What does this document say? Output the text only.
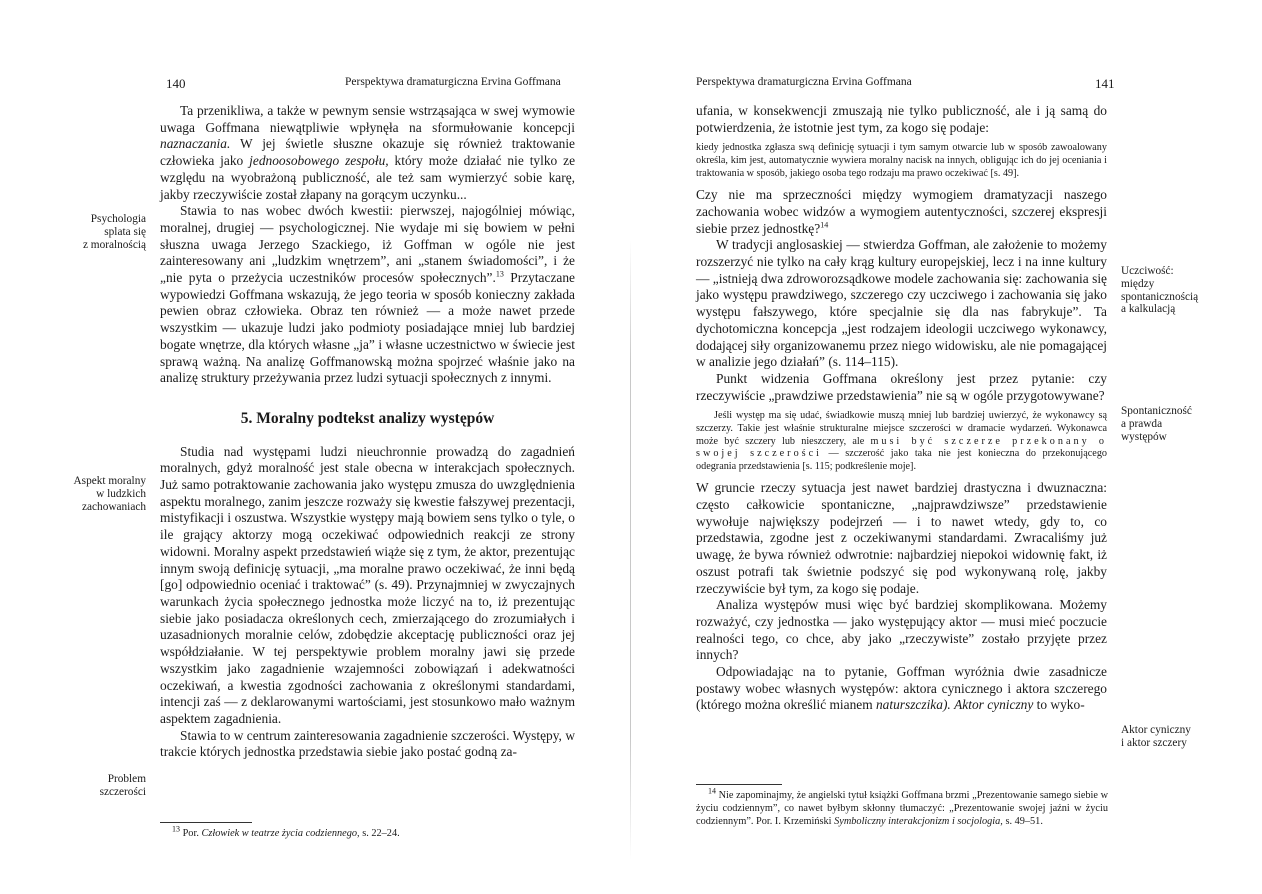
140	Perspektywa dramaturgiczna Ervina Goffmana

Ta przenikliwa, a także w pewnym sensie wstrząsająca w swej wymowie uwaga Goffmana niewątpliwie wpłynęła na sformułowanie koncepcji naznaczania. W jej świetle słuszne okazuje się również traktowanie człowieka jako jednoosobowego zespołu, który może działać nie tylko ze względu na wyobrażoną publiczność, ale też sam wymierzyć sobie karę, jakby rzeczywiście został złapany na gorącym uczynku...

Stawia to nas wobec dwóch kwestii: pierwszej, najogólniej mówiąc, moralnej, drugiej — psychologicznej. Nie wydaje mi się bowiem w pełni słuszna uwaga Jerzego Szackiego, iż Goffman w ogóle nie jest zainteresowany ani „ludzkim wnętrzem”, ani „stanem świadomości”, i że „nie pyta o przeżycia uczestników procesów społecznych”.$^{13}$ Przytaczane wypowiedzi Goffmana wskazują, że jego teoria w sposób konieczny zakłada pewien obraz człowieka. Obraz ten również — a może nawet przede wszystkim — ukazuje ludzi jako podmioty posiadające mniej lub bardziej bogate wnętrze, dla których własne „ja” i własne uczestnictwo w świecie jest sprawą ważną. Na analizę Goffmanowską można spojrzeć właśnie jako na analizę struktury przeżywania przez ludzi sytuacji społecznych z innymi.

5. Moralny podtekst analizy występów

Studia nad występami ludzi nieuchronnie prowadzą do zagadnień moralnych, gdyż moralność jest stale obecna w interakcjach społecznych. Już samo potraktowanie zachowania jako występu zmusza do uwzględnienia aspektu moralnego, zanim jeszcze rozważy się kwestie fałszywej prezentacji, mistyfikacji i oszustwa. Wszystkie występy mają bowiem sens tylko o tyle, o ile grający aktorzy mogą oczekiwać odpowiednich reakcji ze strony widowni. Moralny aspekt przedstawień wiąże się z tym, że aktor, prezentując innym swoją definicję sytuacji, „ma moralne prawo oczekiwać, że inni będą [go] odpowiednio oceniać i traktować” (s. 49). Przynajmniej w zwyczajnych warunkach życia społecznego jednostka może liczyć na to, iż prezentując siebie jako posiadacza określonych cech, zmierzającego do zrozumiałych i uzasadnionych moralnie celów, zdobędzie akceptację publiczności oraz jej współdziałanie. W tej perspektywie problem moralny jawi się przede wszystkim jako zagadnienie wzajemności zobowiązań i adekwatności oczekiwań, a kwestia zgodności zachowania z określonymi standardami, intencji zaś — z deklarowanymi wartościami, jest stosunkowo mało ważnym aspektem zagadnienia.

Stawia to w centrum zainteresowania zagadnienie szczerości. Występy, w trakcie których jednostka przedstawia siebie jako postać godną za-

Psychologia
splata się
z moralnością
Aspekt moralny
w ludzkich
zachowaniach
Problem
szczerości
$^{13}$ Por. Człowiek w teatrze życia codziennego, s. 22–24.
Perspektywa dramaturgiczna Ervina Goffmana	141

ufania, w konsekwencji zmuszają nie tylko publiczność, ale i ją samą do potwierdzenia, że istotnie jest tym, za kogo się podaje:

kiedy jednostka zgłasza swą definicję sytuacji i tym samym otwarcie lub w sposób zawoalowany określa, kim jest, automatycznie wywiera moralny nacisk na innych, obligując ich do jej oceniania i traktowania w sposób, jakiego osoba tego rodzaju ma prawo oczekiwać [s. 49].

Czy nie ma sprzeczności między wymogiem dramatyzacji naszego zachowania wobec widzów a wymogiem autentyczności, szczerej ekspresji siebie przez jednostkę?$^{14}$

W tradycji anglosaskiej — stwierdza Goffman, ale założenie to możemy rozszerzyć nie tylko na cały krąg kultury europejskiej, lecz i na inne kultury — „istnieją dwa zdroworozsądkowe modele zachowania się: zachowania się jako występu prawdziwego, szczerego czy uczciwego i zachowania się jako występu fałszywego, które specjalnie się dla nas fabrykuje”. Ta dychotomiczna koncepcja „jest rodzajem ideologii uczciwego wykonawcy, dodającej siły organizowanemu przez niego widowisku, ale nie pomagającej w analizie jego działań” (s. 114–115).

Punkt widzenia Goffmana określony jest przez pytanie: czy rzeczywiście „prawdziwe przedstawienia” nie są w ogóle przygotowywane?

Jeśli występ ma się udać, świadkowie muszą mniej lub bardziej uwierzyć, że wykonawcy są szczerzy. Takie jest właśnie strukturalne miejsce szczerości w dramacie wydarzeń. Wykonawca może być szczery lub nieszczery, ale musi być szczerze przekonany o swojej szczerości — szczerość jako taka nie jest konieczna do przekonującego odegrania przedstawienia [s. 115; podkreślenie moje].

W gruncie rzeczy sytuacja jest nawet bardziej drastyczna i dwuznaczna: często całkowicie spontaniczne, „najprawdziwsze” przedstawienie wywołuje największy podejrzeń — i to nawet wtedy, gdy to, co przedstawia, zgodne jest z oczekiwanymi standardami. Zwracaliśmy już uwagę, że bywa również odwrotnie: najbardziej niepokoi widownię fakt, iż oszust potrafi tak świetnie podszyć się pod wykonywaną rolę, jakby rzeczywiście był tym, za kogo się podaje.

Analiza występów musi więc być bardziej skomplikowana. Możemy rozważyć, czy jednostka — jako występujący aktor — musi mieć poczucie realności tego, co chce, aby jako „rzeczywiste” zostało przyjęte przez innych?

Odpowiadając na to pytanie, Goffman wyróżnia dwie zasadnicze postawy wobec własnych występów: aktora cynicznego i aktora szczerego (którego można określić mianem naturszczika). Aktor cyniczny to wyko-

Uczciwość:
między
spontanicznością
a kalkulacją
Spontaniczność
a prawda
występów
Aktor cyniczny
i aktor szczery
$^{14}$ Nie zapominajmy, że angielski tytuł książki Goffmana brzmi „Prezentowanie samego siebie w życiu codziennym”, co nawet byłbym skłonny tłumaczyć: „Prezentowanie swojej jaźni w życiu codziennym”. Por. I. Krzemiński Symboliczny interakcjonizm i socjologia, s. 49–51.
